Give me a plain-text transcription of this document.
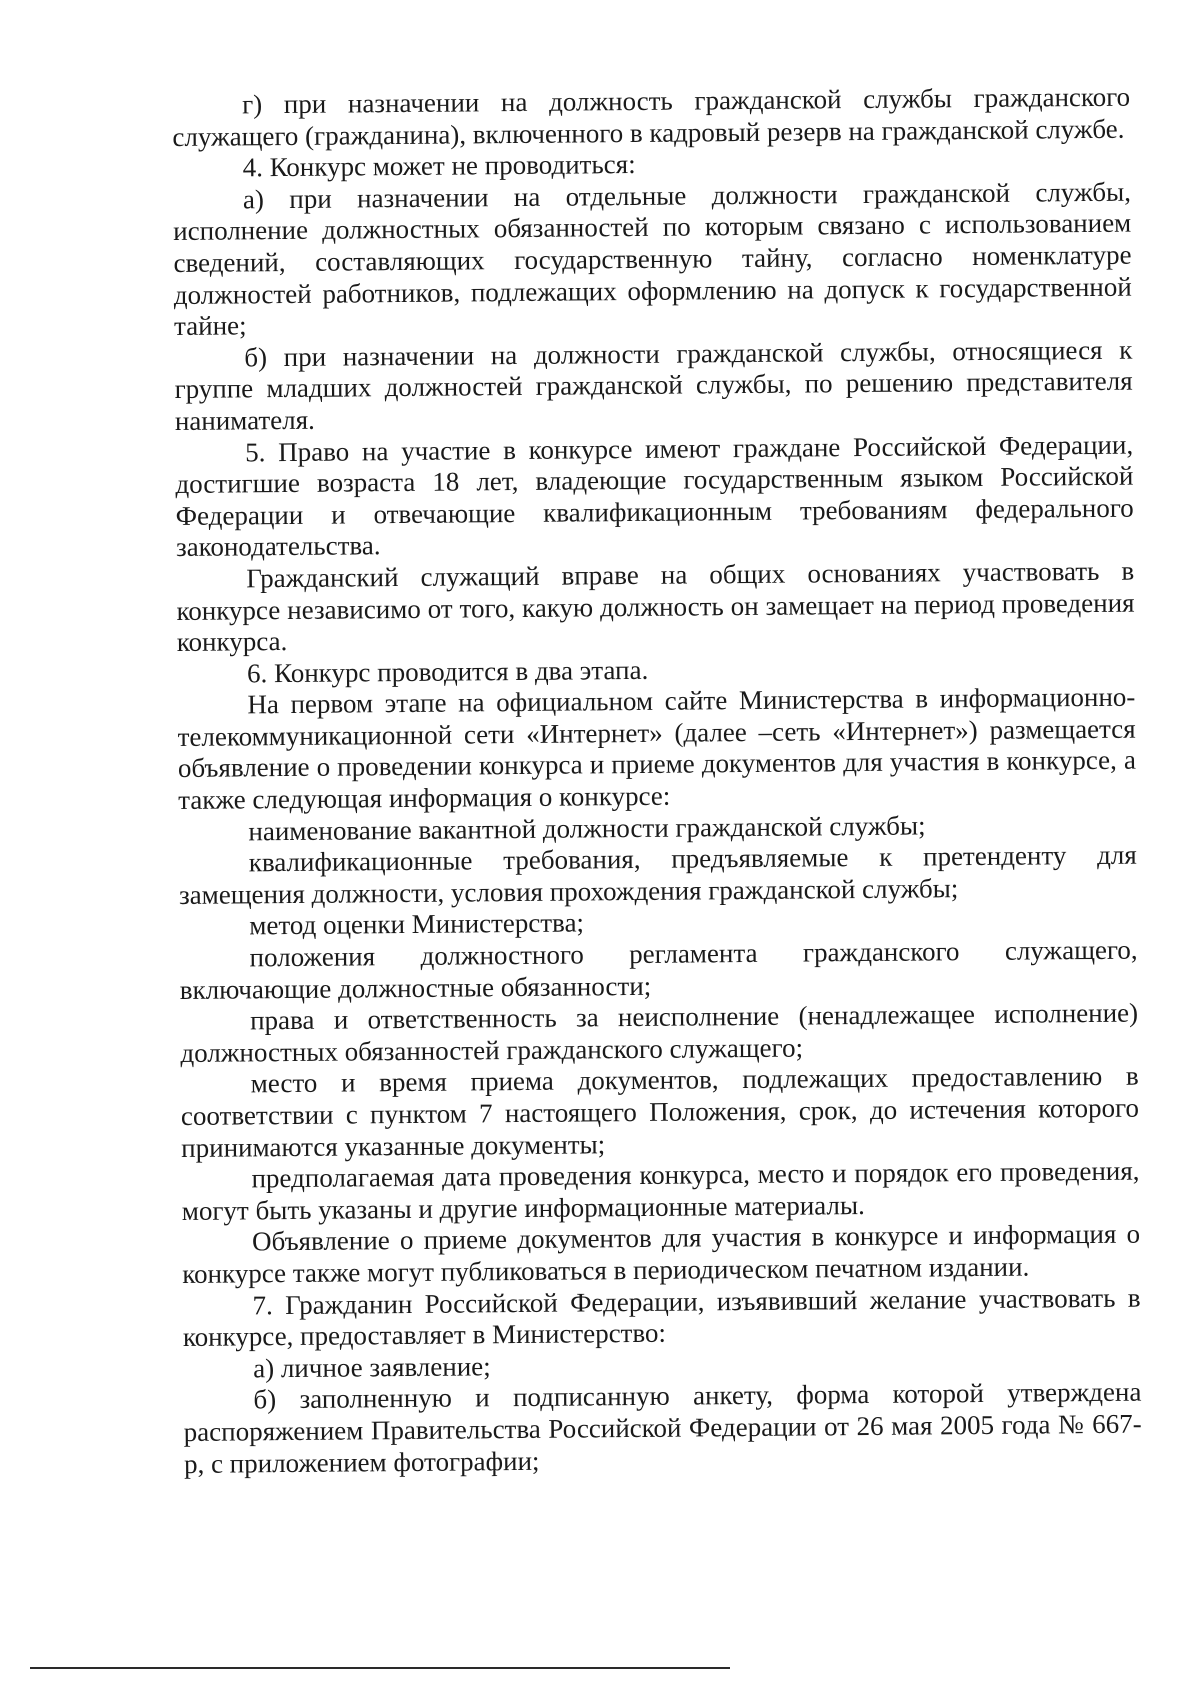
г) при назначении на должность гражданской службы гражданского служащего (гражданина), включенного в кадровый резерв на гражданской службе.

4. Конкурс может не проводиться:

а) при назначении на отдельные должности гражданской службы, исполнение должностных обязанностей по которым связано с использованием сведений, составляющих государственную тайну, согласно номенклатуре должностей работников, подлежащих оформлению на допуск к государственной тайне;

б) при назначении на должности гражданской службы, относящиеся к группе младших должностей гражданской службы, по решению представителя нанимателя.

5. Право на участие в конкурсе имеют граждане Российской Федерации, достигшие возраста 18 лет, владеющие государственным языком Российской Федерации и отвечающие квалификационным требованиям федерального законодательства.

Гражданский служащий вправе на общих основаниях участвовать в конкурсе независимо от того, какую должность он замещает на период проведения конкурса.

6. Конкурс проводится в два этапа.

На первом этапе на официальном сайте Министерства в информационно-телекоммуникационной сети «Интернет» (далее –сеть «Интернет») размещается объявление о проведении конкурса и приеме документов для участия в конкурсе, а также следующая информация о конкурсе:

наименование вакантной должности гражданской службы;

квалификационные требования, предъявляемые к претенденту для замещения должности, условия прохождения гражданской службы;

метод оценки Министерства;

положения должностного регламента гражданского служащего, включающие должностные обязанности;

права и ответственность за неисполнение (ненадлежащее исполнение) должностных обязанностей гражданского служащего;

место и время приема документов, подлежащих предоставлению в соответствии с пунктом 7 настоящего Положения, срок, до истечения которого принимаются указанные документы;

предполагаемая дата проведения конкурса, место и порядок его проведения, могут быть указаны и другие информационные материалы.

Объявление о приеме документов для участия в конкурсе и информация о конкурсе также могут публиковаться в периодическом печатном издании.

7. Гражданин Российской Федерации, изъявивший желание участвовать в конкурсе, предоставляет в Министерство:

а) личное заявление;

б) заполненную и подписанную анкету, форма которой утверждена распоряжением Правительства Российской Федерации от 26 мая 2005 года № 667-р, с приложением фотографии;
